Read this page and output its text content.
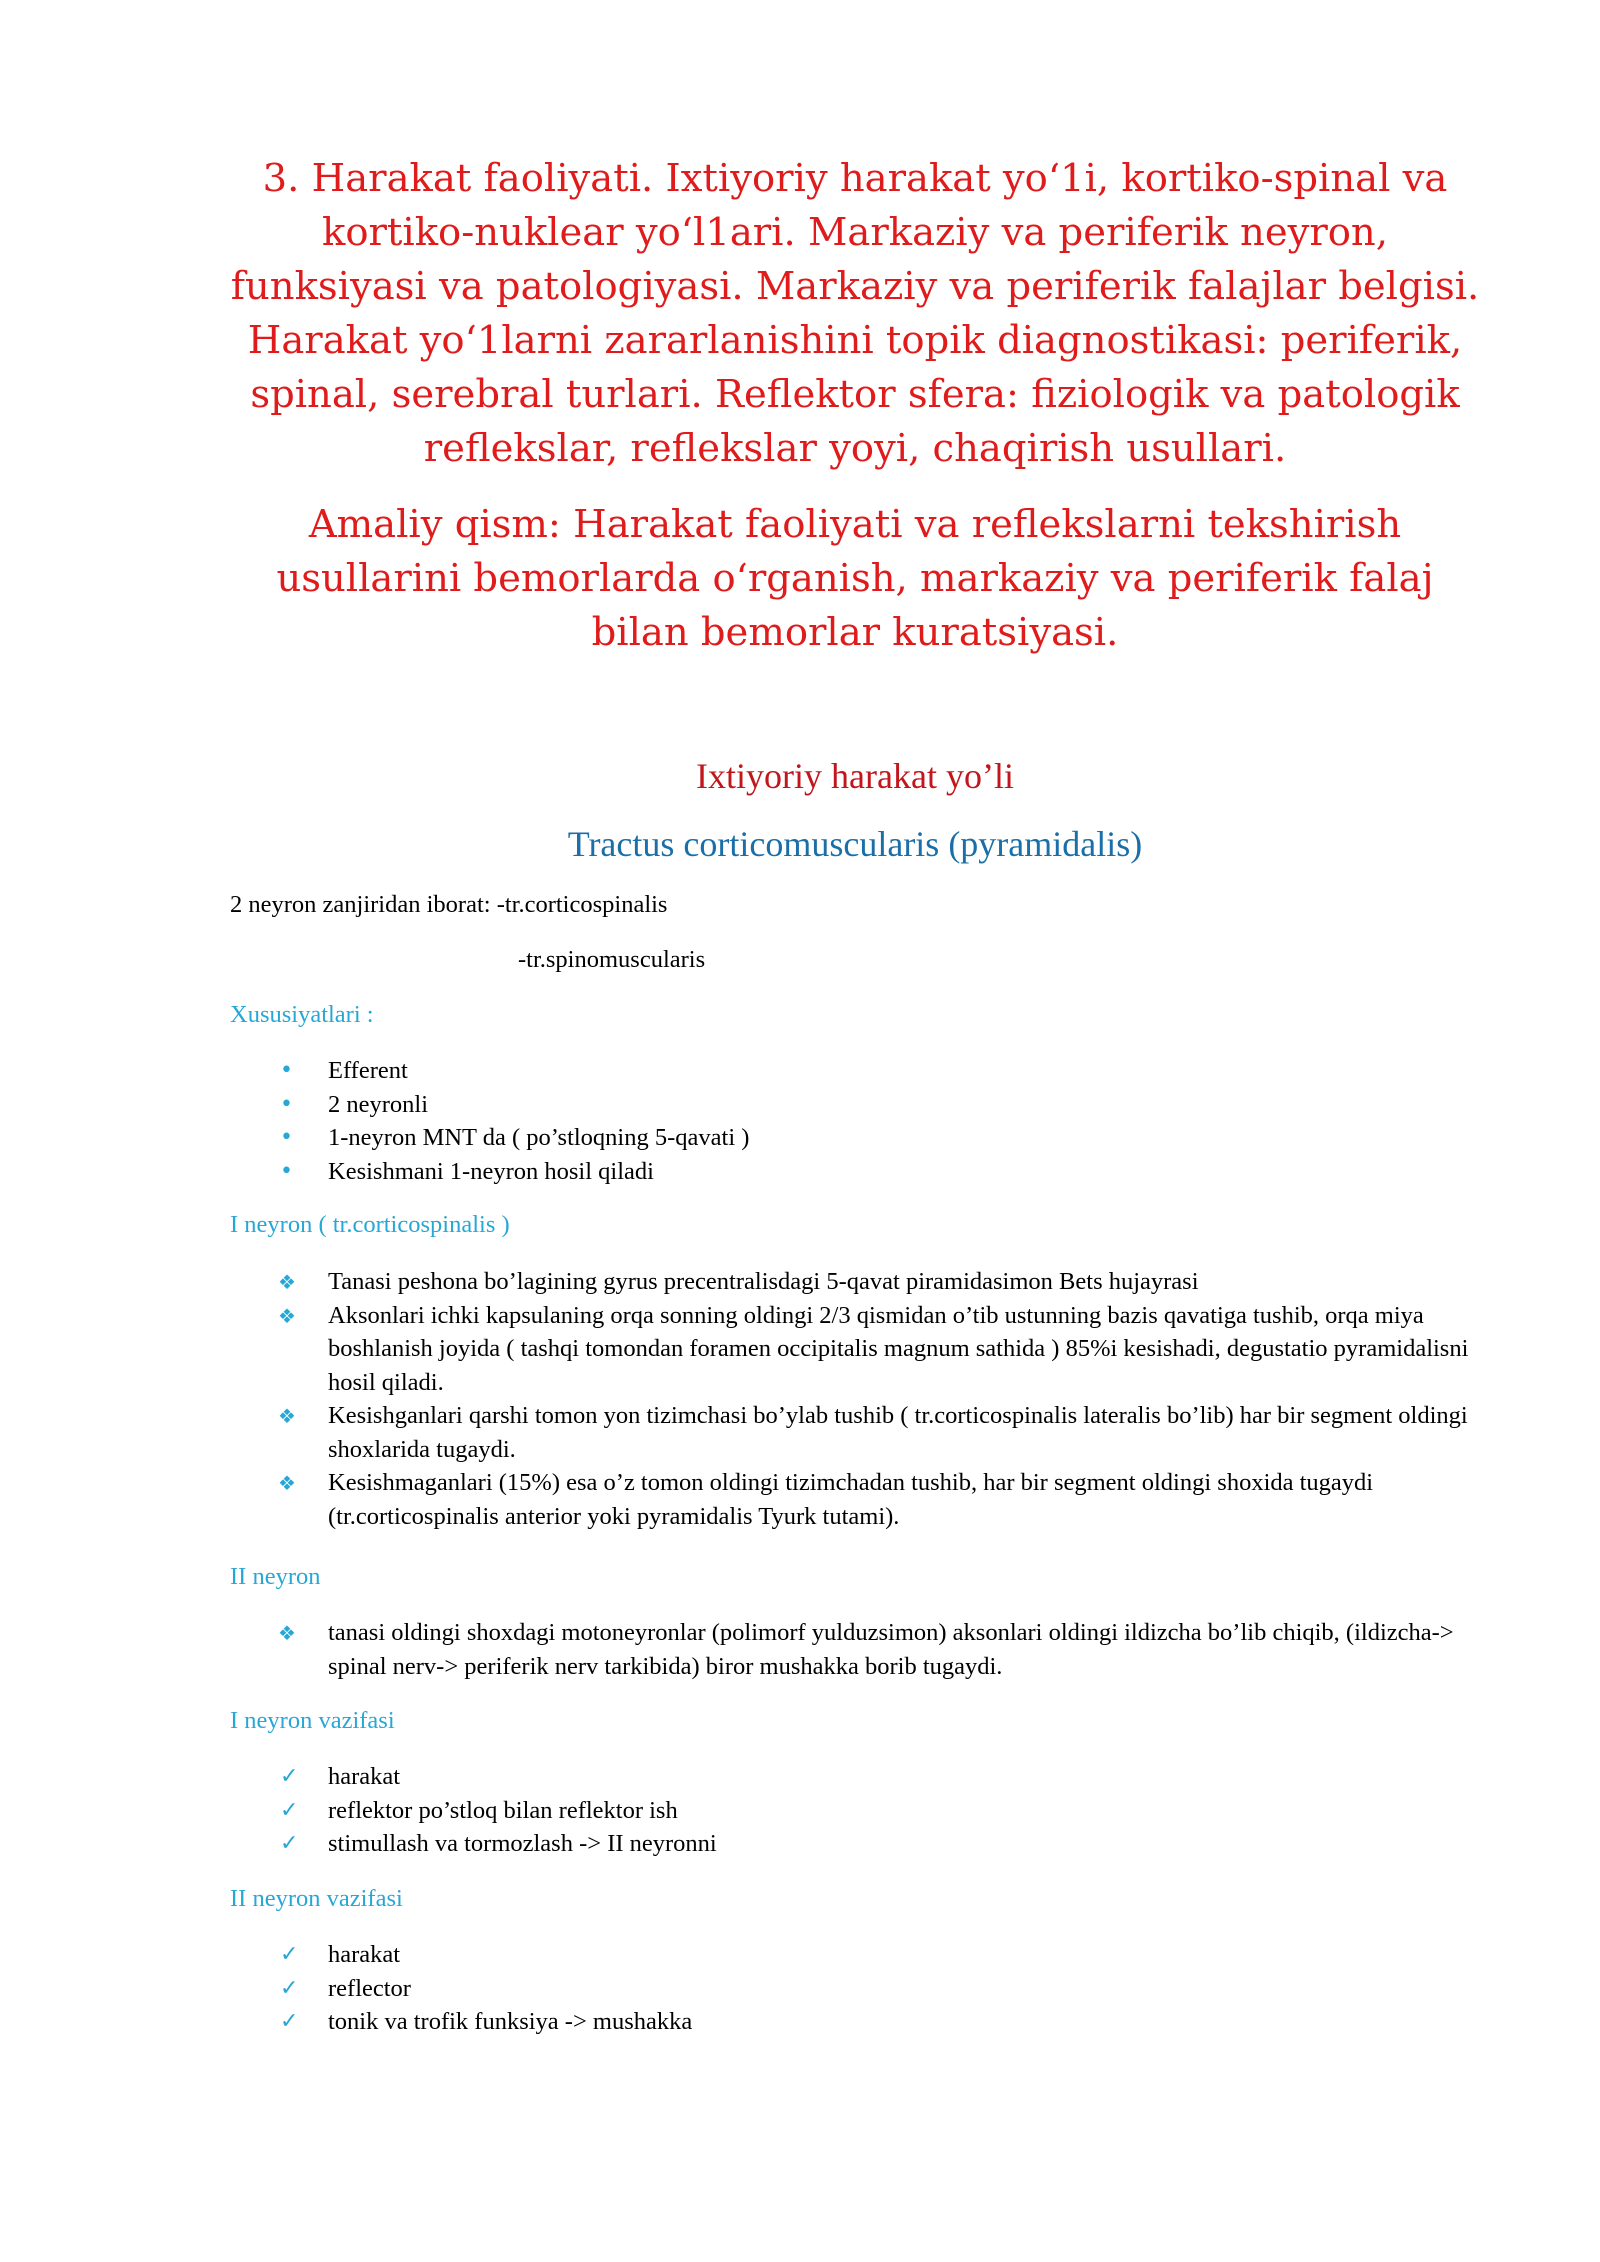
3. Harakat faoliyati. Ixtiyoriy harakat yo‘1i, kortiko-spinal va kortiko-nuklear yo‘l1ari. Markaziy va periferik neyron, funksiyasi va patologiyasi. Markaziy va periferik falajlar belgisi. Harakat yo‘1larni zararlanishini topik diagnostikasi: periferik, spinal, serebral turlari. Reflektor sfera: fiziologik va patologik reflekslar, reflekslar yoyi, chaqirish usullari.

Amaliy qism: Harakat faoliyati va reflekslarni tekshirish usullarini bemorlarda o‘rganish, markaziy va periferik falaj bilan bemorlar kuratsiyasi.

Ixtiyoriy harakat yo’li

Tractus corticomuscularis (pyramidalis)

2 neyron zanjiridan iborat: -tr.corticospinalis

-tr.spinomuscularis

Xususiyatlari :

• Efferent
• 2 neyronli
• 1-neyron MNT da ( po’stloqning 5-qavati )
• Kesishmani 1-neyron hosil qiladi

I neyron ( tr.corticospinalis )

❖ Tanasi peshona bo’lagining gyrus precentralisdagi 5-qavat piramidasimon Bets hujayrasi
❖ Aksonlari ichki kapsulaning orqa sonning oldingi 2/3 qismidan o’tib ustunning bazis qavatiga tushib, orqa miya boshlanish joyida ( tashqi tomondan foramen occipitalis magnum sathida ) 85%i kesishadi, degustatio pyramidalisni hosil qiladi.
❖ Kesishganlari qarshi tomon yon tizimchasi bo’ylab tushib ( tr.corticospinalis lateralis bo’lib) har bir segment oldingi shoxlarida tugaydi.
❖ Kesishmaganlari (15%) esa o’z tomon oldingi tizimchadan tushib, har bir segment oldingi shoxida tugaydi (tr.corticospinalis anterior yoki pyramidalis Tyurk tutami).

II neyron

❖ tanasi oldingi shoxdagi motoneyronlar (polimorf yulduzsimon) aksonlari oldingi ildizcha bo’lib chiqib, (ildizcha-> spinal nerv-> periferik nerv tarkibida) biror mushakka borib tugaydi.

I neyron vazifasi

✓ harakat
✓ reflektor po’stloq bilan reflektor ish
✓ stimullash va tormozlash -> II neyronni

II neyron vazifasi

✓ harakat
✓ reflector
✓ tonik va trofik funksiya -> mushakka
